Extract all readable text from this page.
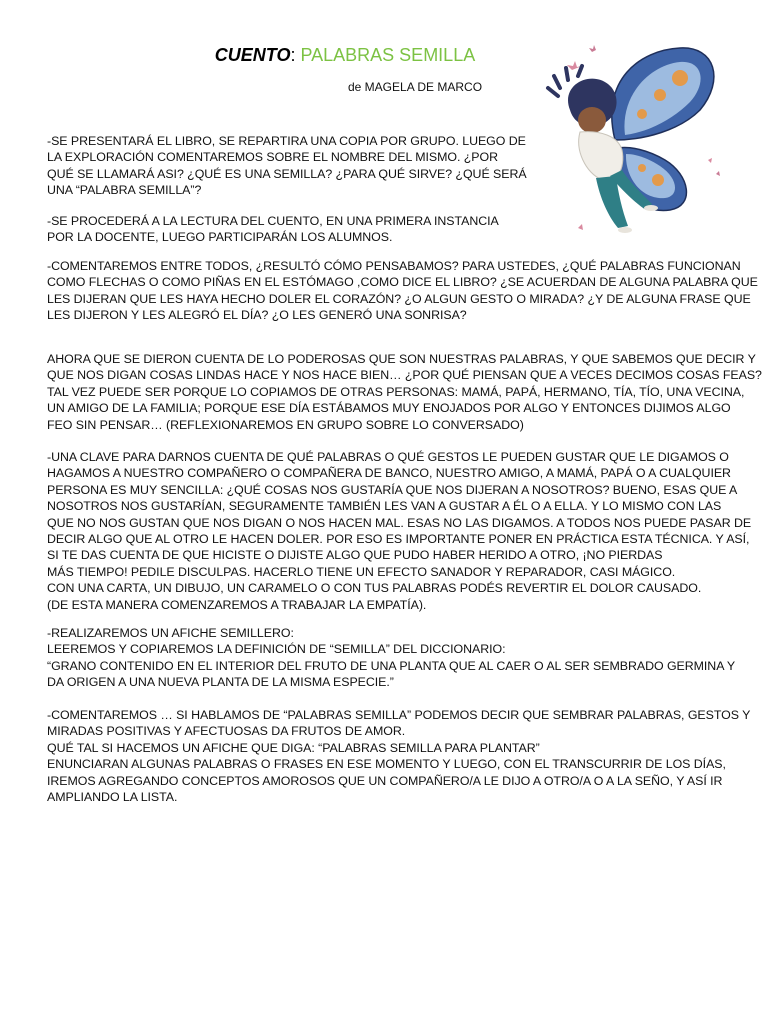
CUENTO: PALABRAS SEMILLA
de MAGELA DE MARCO
-SE PRESENTARÁ EL LIBRO, SE REPARTIRA UNA COPIA POR GRUPO. LUEGO DE
LA EXPLORACIÓN COMENTAREMOS SOBRE EL NOMBRE DEL MISMO. ¿POR
QUÉ SE LLAMARÁ ASI? ¿QUÉ ES UNA SEMILLA? ¿PARA QUÉ SIRVE? ¿QUÉ SERÁ
UNA “PALABRA SEMILLA”?
-SE PROCEDERÁ A LA LECTURA DEL CUENTO, EN UNA PRIMERA INSTANCIA
POR LA DOCENTE, LUEGO PARTICIPARÁN LOS ALUMNOS.
-COMENTAREMOS ENTRE TODOS, ¿RESULTÓ CÓMO PENSABAMOS? PARA USTEDES, ¿QUÉ PALABRAS FUNCIONAN
COMO FLECHAS O COMO PIÑAS EN EL ESTÓMAGO ,COMO DICE EL LIBRO? ¿SE ACUERDAN DE ALGUNA PALABRA QUE
LES DIJERAN QUE LES HAYA HECHO DOLER EL CORAZÓN? ¿O ALGUN GESTO O MIRADA? ¿Y DE ALGUNA FRASE QUE
LES DIJERON Y LES ALEGRÓ EL DÍA? ¿O LES GENERÓ UNA SONRISA?
AHORA QUE SE DIERON CUENTA DE LO PODEROSAS QUE SON NUESTRAS PALABRAS, Y QUE SABEMOS QUE DECIR Y
QUE NOS DIGAN COSAS LINDAS HACE Y NOS HACE BIEN… ¿POR QUÉ PIENSAN QUE A VECES DECIMOS COSAS FEAS?
TAL VEZ PUEDE SER PORQUE LO COPIAMOS DE OTRAS PERSONAS: MAMÁ, PAPÁ, HERMANO, TÍA, TÍO, UNA VECINA,
UN AMIGO DE LA FAMILIA; PORQUE ESE DÍA ESTÁBAMOS MUY ENOJADOS POR ALGO Y ENTONCES DIJIMOS ALGO
FEO SIN PENSAR… (REFLEXIONAREMOS EN GRUPO SOBRE LO CONVERSADO)
-UNA CLAVE PARA DARNOS CUENTA DE QUÉ PALABRAS O QUÉ GESTOS LE PUEDEN GUSTAR QUE LE DIGAMOS O
HAGAMOS A NUESTRO COMPAÑERO O COMPAÑERA DE BANCO, NUESTRO AMIGO, A MAMÁ, PAPÁ O A CUALQUIER
PERSONA ES MUY SENCILLA: ¿QUÉ COSAS NOS GUSTARÍA QUE NOS DIJERAN A NOSOTROS? BUENO, ESAS QUE A
NOSOTROS NOS GUSTARÍAN, SEGURAMENTE TAMBIÉN LES VAN A GUSTAR A ÉL O A ELLA. Y LO MISMO CON LAS
QUE NO NOS GUSTAN QUE NOS DIGAN O NOS HACEN MAL. ESAS NO LAS DIGAMOS. A TODOS NOS PUEDE PASAR DE
DECIR ALGO QUE AL OTRO LE HACEN DOLER. POR ESO ES IMPORTANTE PONER EN PRÁCTICA ESTA TÉCNICA. Y ASÍ,
SI TE DAS CUENTA DE QUE HICISTE O DIJISTE ALGO QUE PUDO HABER HERIDO A OTRO, ¡NO PIERDAS
MÁS TIEMPO! PEDILE DISCULPAS. HACERLO TIENE UN EFECTO SANADOR Y REPARADOR, CASI MÁGICO.
CON UNA CARTA, UN DIBUJO, UN CARAMELO O CON TUS PALABRAS PODÉS REVERTIR EL DOLOR CAUSADO.
(DE ESTA MANERA COMENZAREMOS A TRABAJAR LA EMPATÍA).
-REALIZAREMOS UN AFICHE SEMILLERO:
LEEREMOS Y COPIAREMOS LA DEFINICIÓN DE “SEMILLA” DEL DICCIONARIO:
“GRANO CONTENIDO EN EL INTERIOR DEL FRUTO DE UNA PLANTA QUE AL CAER O AL SER SEMBRADO GERMINA Y
DA ORIGEN A UNA NUEVA PLANTA DE LA MISMA ESPECIE.”
-COMENTAREMOS … SI HABLAMOS DE “PALABRAS SEMILLA” PODEMOS DECIR QUE SEMBRAR PALABRAS, GESTOS Y
MIRADAS POSITIVAS Y AFECTUOSAS DA FRUTOS DE AMOR.
QUÉ TAL SI HACEMOS UN AFICHE QUE DIGA: “PALABRAS SEMILLA PARA PLANTAR”
ENUNCIARAN ALGUNAS PALABRAS O FRASES EN ESE MOMENTO Y LUEGO, CON EL TRANSCURRIR DE LOS DÍAS,
IREMOS AGREGANDO CONCEPTOS AMOROSOS QUE UN COMPAÑERO/A LE DIJO A OTRO/A O A LA SEÑO, Y ASÍ IR
AMPLIANDO LA LISTA.
